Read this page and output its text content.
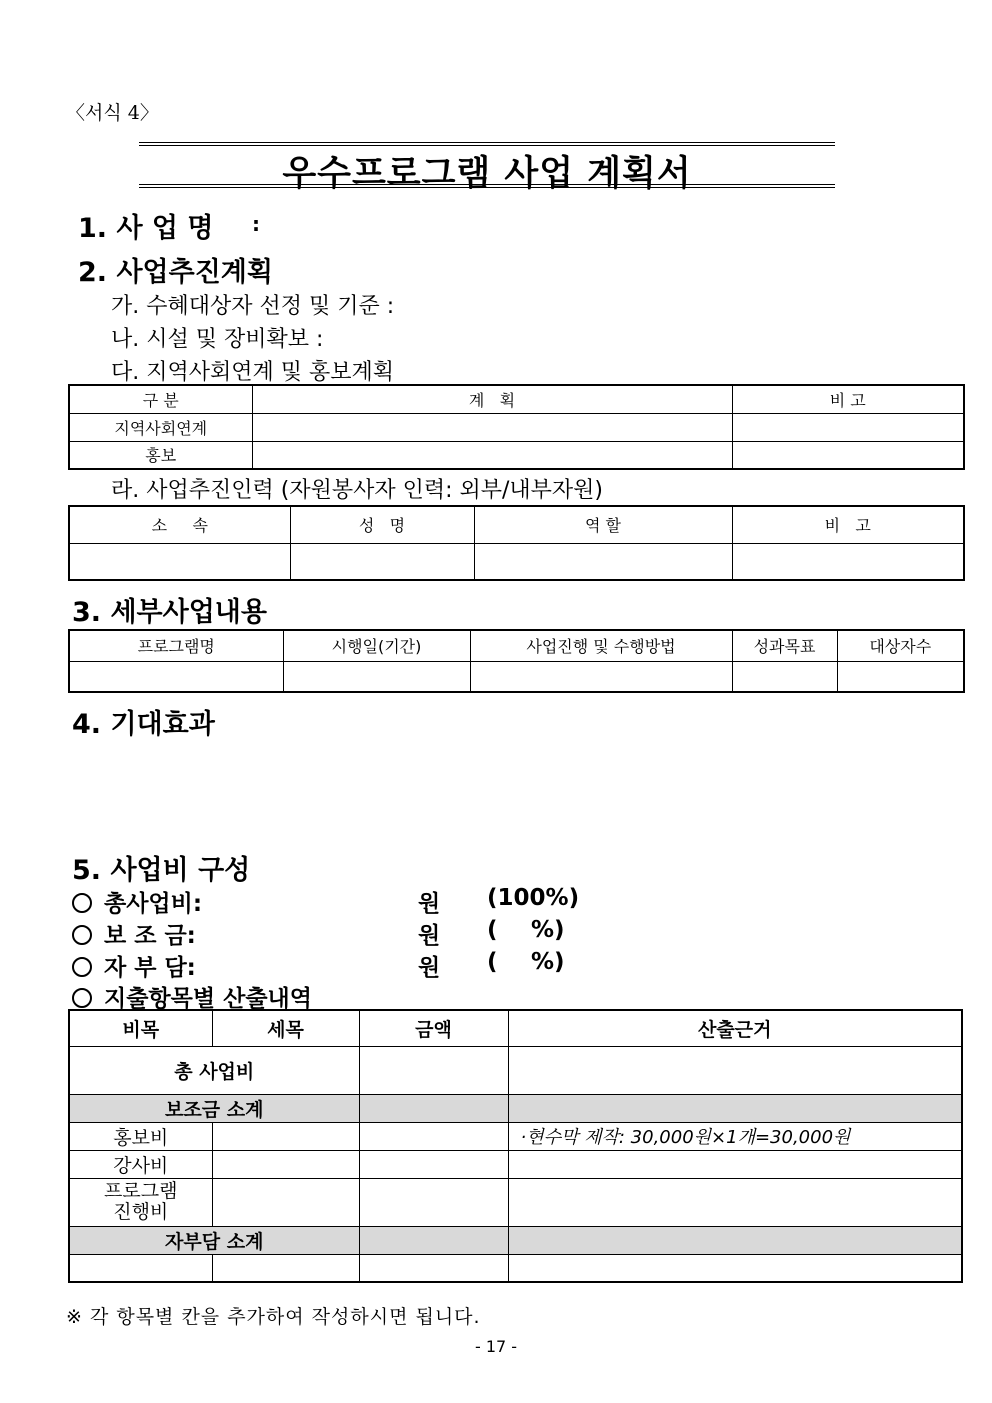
〈서식 4〉
우수프로그램 사업 계획서
1. 사 업 명 :
2. 사업추진계획
가. 수혜대상자 선정 및 기준 :
나. 시설 및 장비확보 :
다. 지역사회연계 및 홍보계획
구 분	계   획	비 고
지역사회연계		
홍보		
라. 사업추진인력 (자원봉사자 인력: 외부/내부자원)
소     속	성   명	역 할	비   고

3. 세부사업내용
프로그램명	시행일(기간)	사업진행 및 수행방법	성과목표	대상자수

4. 기대효과
5. 사업비 구성
총사업비:	원 (100%)
보 조 금:	원 ( %)
자 부 담:	원 ( %)
지출항목별 산출내역
비목	세목	금액	산출근거
총 사업비			
보조금 소계			
홍보비			·현수막 제작: 30,000원×1개=30,000원
강사비			

프로그램
진행비			

자부담 소계			

※ 각 항목별 칸을 추가하여 작성하시면 됩니다.
- 17 -
